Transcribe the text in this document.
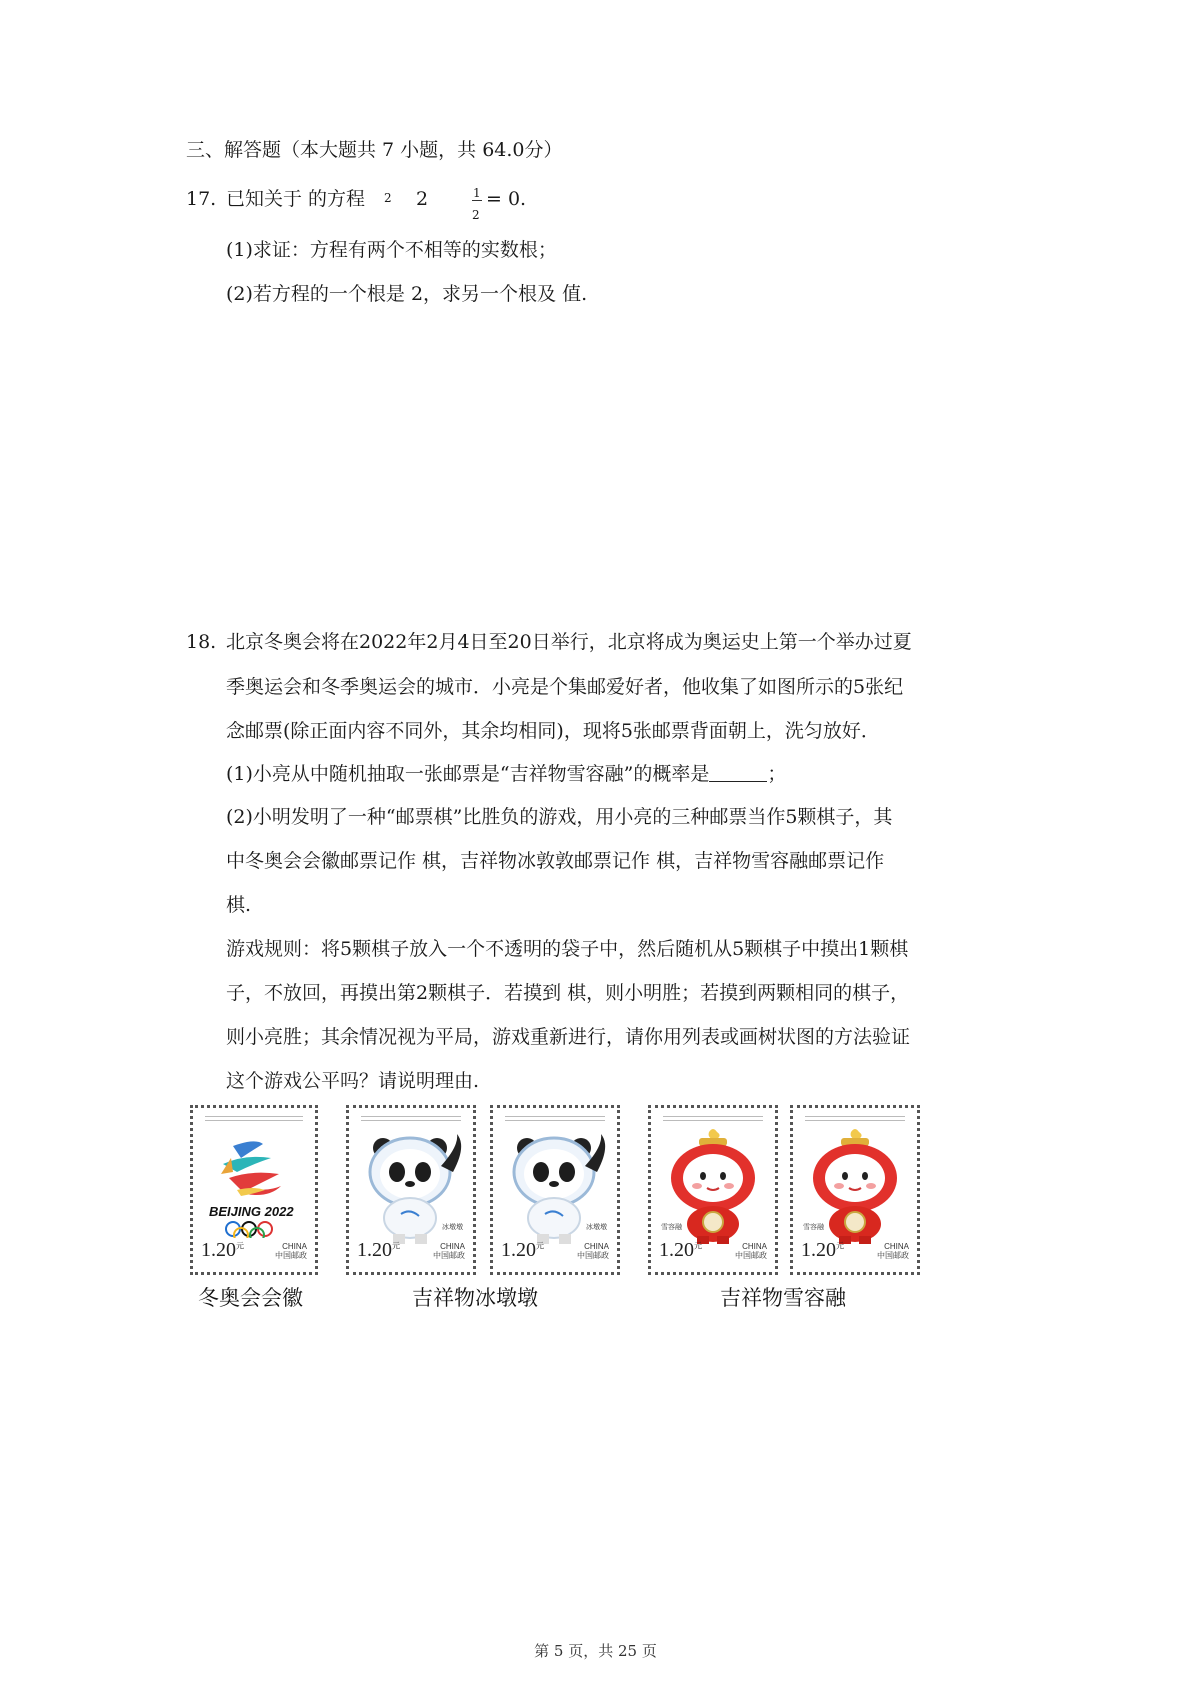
三、解答题（本大题共 7 小题，共 64.0分）
17. 已知关于 的方程 2 2	1
2
= 0.
(1)求证：方程有两个不相等的实数根；
(2)若方程的一个根是 2，求另一个根及 值.
18. 北京冬奥会将在2022年2月4日至20日举行，北京将成为奥运史上第一个举办过夏
季奥运会和冬季奥运会的城市．小亮是个集邮爱好者，他收集了如图所示的5张纪
念邮票(除正面内容不同外，其余均相同)，现将5张邮票背面朝上，洗匀放好．
(1)小亮从中随机抽取一张邮票是“吉祥物雪容融”的概率是	；
(2)小明发明了一种“邮票棋”比胜负的游戏，用小亮的三种邮票当作5颗棋子，其
中冬奥会会徽邮票记作 棋，吉祥物冰敦敦邮票记作 棋，吉祥物雪容融邮票记作
棋.
游戏规则：将5颗棋子放入一个不透明的袋子中，然后随机从5颗棋子中摸出1颗棋
子，不放回，再摸出第2颗棋子．若摸到 棋，则小明胜；若摸到两颗相同的棋子，
则小亮胜；其余情况视为平局，游戏重新进行，请你用列表或画树状图的方法验证
这个游戏公平吗？请说明理由.
BEIJING 2022
$1.20^元$	CHINA
中国邮政
冰墩墩
$1.20^元$	CHINA
中国邮政
冰墩墩
$1.20^元$	CHINA
中国邮政
雪容融
$1.20^元$	CHINA
中国邮政
雪容融
$1.20^元$	CHINA
中国邮政
冬奥会会徽	吉祥物冰墩墩	吉祥物雪容融
第 5 页，共 25 页
